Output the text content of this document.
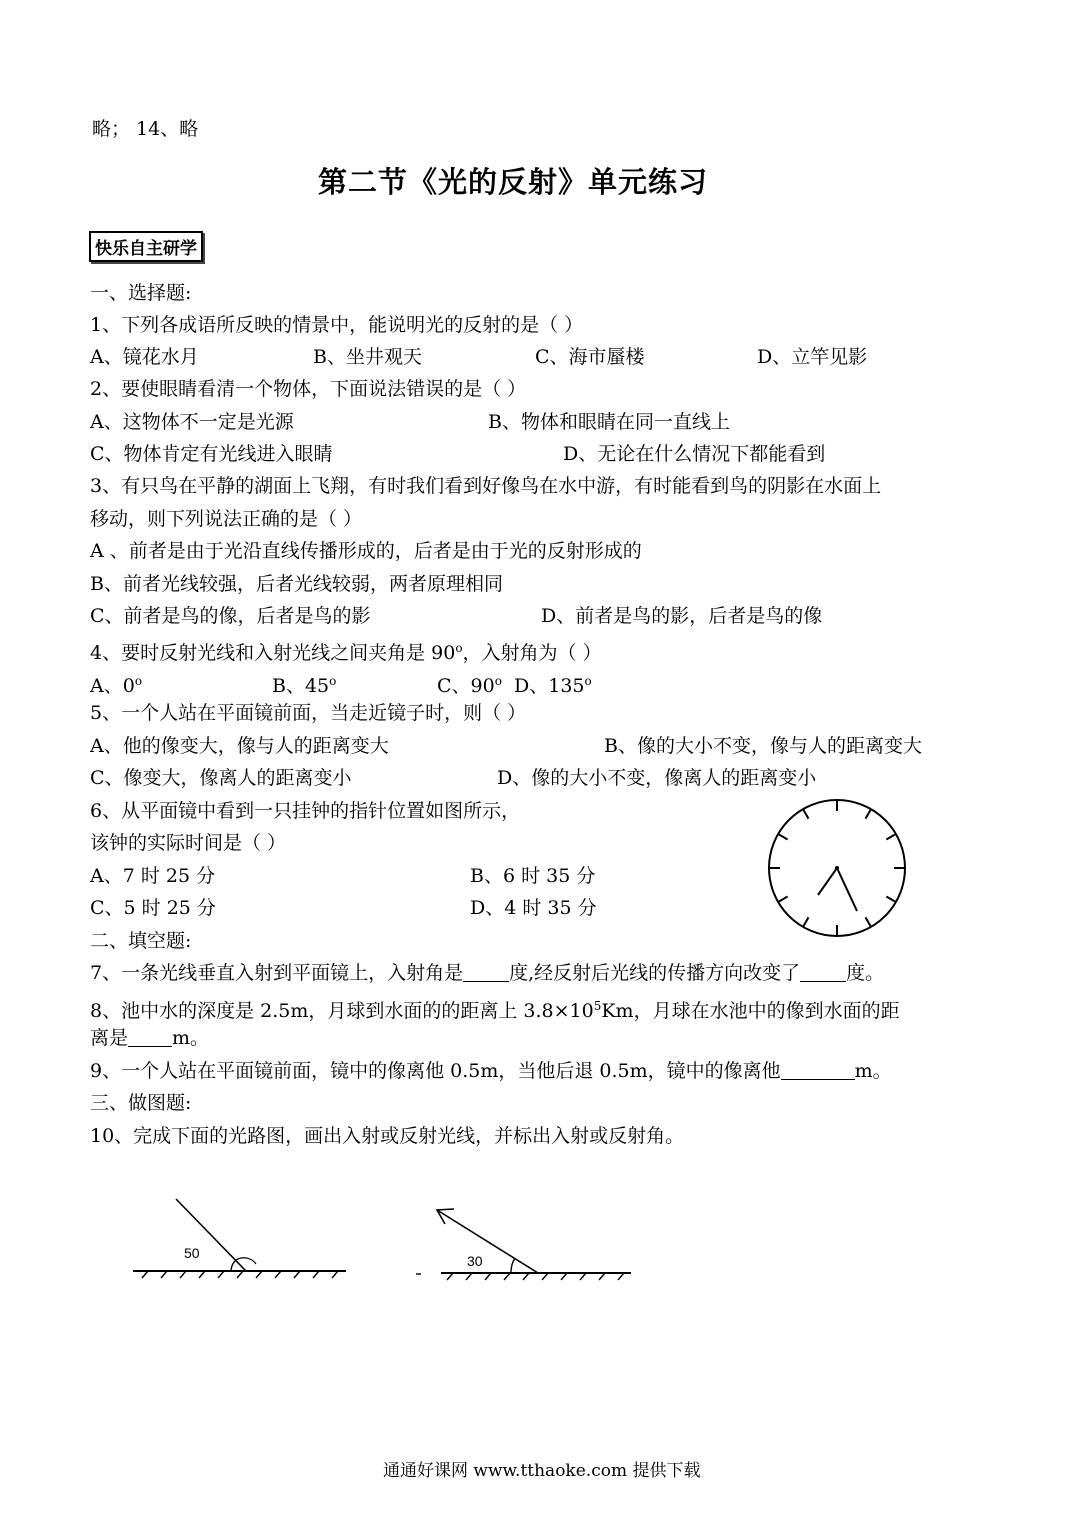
略； 14、略
第二节《光的反射》单元练习
快乐自主研学
一、选择题:
1、下列各成语所反映的情景中，能说明光的反射的是（ ）
A、镜花水月	B、坐井观天	C、海市蜃楼	D、立竿见影
2、要使眼睛看清一个物体，下面说法错误的是（ ）
A、这物体不一定是光源	B、物体和眼睛在同一直线上
C、物体肯定有光线进入眼睛	D、无论在什么情况下都能看到
3、有只鸟在平静的湖面上飞翔，有时我们看到好像鸟在水中游，有时能看到鸟的阴影在水面上
移动，则下列说法正确的是（ ）
A 、前者是由于光沿直线传播形成的，后者是由于光的反射形成的
B、前者光线较强，后者光线较弱，两者原理相同
C、前者是鸟的像，后者是鸟的影	D、前者是鸟的影，后者是鸟的像
4、要时反射光线和入射光线之间夹角是 90$^o$，入射角为（ ）
A、0$^o$	B、45$^o$	C、90$^o$ D、135$^o$
5、一个人站在平面镜前面，当走近镜子时，则（ ）
A、他的像变大，像与人的距离变大	B、像的大小不变，像与人的距离变大
C、像变大，像离人的距离变小	D、像的大小不变，像离人的距离变小
6、从平面镜中看到一只挂钟的指针位置如图所示，
该钟的实际时间是（ ）
A、7 时 25 分	B、6 时 35 分
C、5 时 25 分	D、4 时 35 分
二、填空题:
7、一条光线垂直入射到平面镜上，入射角是 度,经反射后光线的传播方向改变了 度。
8、池中水的深度是 2.5m，月球到水面的的距离上 $3.8\times 10^5Km$，月球在水池中的像到水面的距
离是 m。
9、一个人站在平面镜前面，镜中的像离他 0.5m，当他后退 0.5m，镜中的像离他	m。
三、做图题:
10、完成下面的光路图，画出入射或反射光线，并标出入射或反射角。
50	30
通通好课网 www.tthaoke.com 提供下载
